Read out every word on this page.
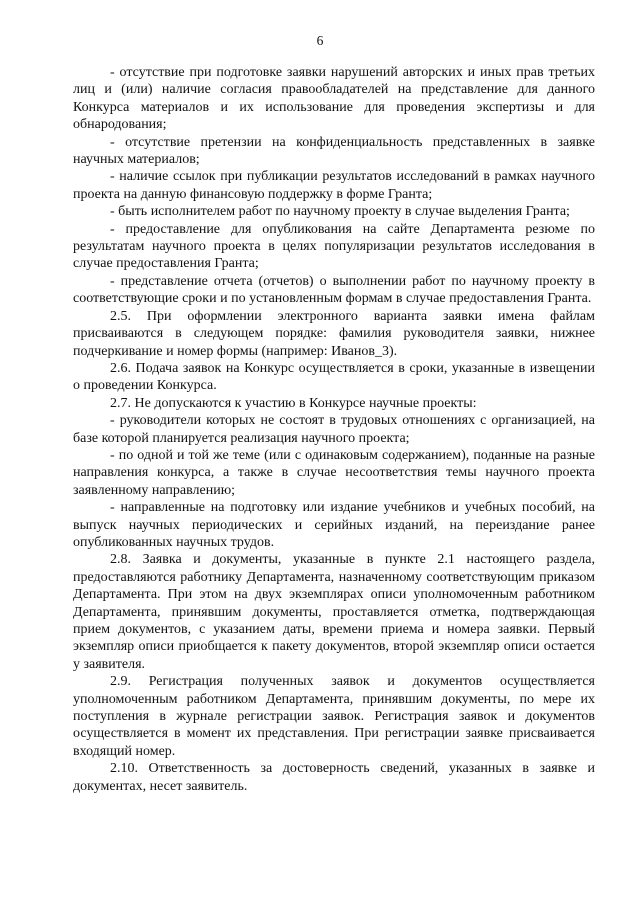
6

- отсутствие при подготовке заявки нарушений авторских и иных прав третьих лиц и (или) наличие согласия правообладателей на представление для данного Конкурса материалов и их использование для проведения экспертизы и для обнародования;

- отсутствие претензии на конфиденциальность представленных в заявке научных материалов;

- наличие ссылок при публикации результатов исследований в рамках научного проекта на данную финансовую поддержку в форме Гранта;

- быть исполнителем работ по научному проекту в случае выделения Гранта;

- предоставление для опубликования на сайте Департамента резюме по результатам научного проекта в целях популяризации результатов исследования в случае предоставления Гранта;

- представление отчета (отчетов) о выполнении работ по научному проекту в соответствующие сроки и по установленным формам в случае предоставления Гранта.

2.5. При оформлении электронного варианта заявки имена файлам присваиваются в следующем порядке: фамилия руководителя заявки, нижнее подчеркивание и номер формы (например: Иванов_3).

2.6. Подача заявок на Конкурс осуществляется в сроки, указанные в извещении о проведении Конкурса.

2.7. Не допускаются к участию в Конкурсе научные проекты:

- руководители которых не состоят в трудовых отношениях с организацией, на базе которой планируется реализация научного проекта;

- по одной и той же теме (или с одинаковым содержанием), поданные на разные направления конкурса, а также в случае несоответствия темы научного проекта заявленному направлению;

- направленные на подготовку или издание учебников и учебных пособий, на выпуск научных периодических и серийных изданий, на переиздание ранее опубликованных научных трудов.

2.8. Заявка и документы, указанные в пункте 2.1 настоящего раздела, предоставляются работнику Департамента, назначенному соответствующим приказом Департамента. При этом на двух экземплярах описи уполномоченным работником Департамента, принявшим документы, проставляется отметка, подтверждающая прием документов, с указанием даты, времени приема и номера заявки. Первый экземпляр описи приобщается к пакету документов, второй экземпляр описи остается у заявителя.

2.9. Регистрация полученных заявок и документов осуществляется уполномоченным работником Департамента, принявшим документы, по мере их поступления в журнале регистрации заявок. Регистрация заявок и документов осуществляется в момент их представления. При регистрации заявке присваивается входящий номер.

2.10. Ответственность за достоверность сведений, указанных в заявке и документах, несет заявитель.
